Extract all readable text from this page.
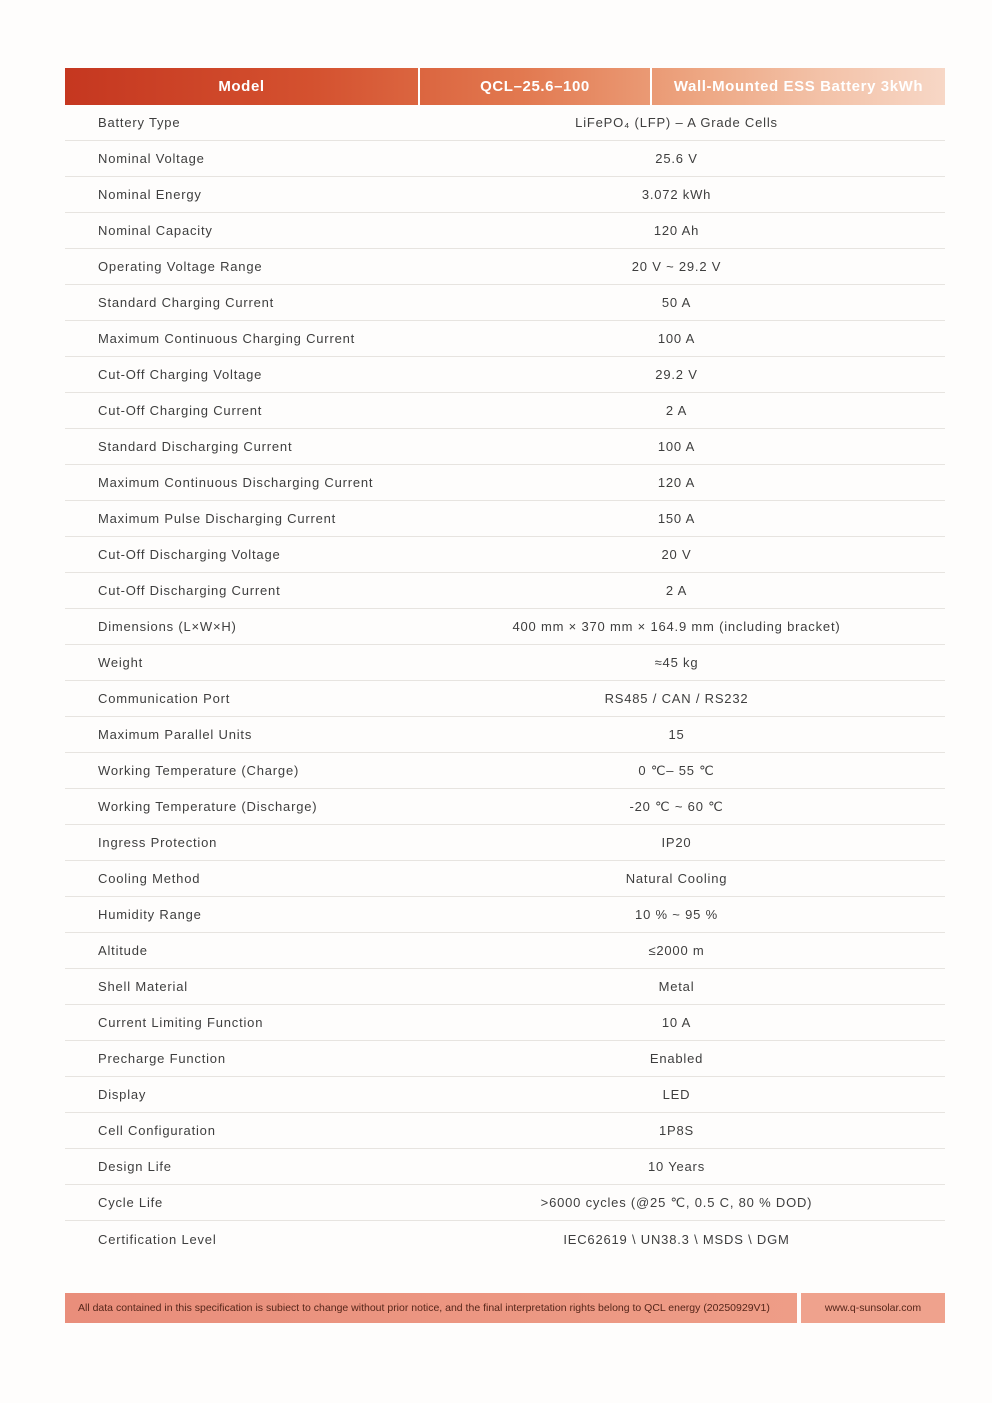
Model	QCL–25.6–100	Wall-Mounted ESS Battery 3kWh
Battery Type	LiFePO₄ (LFP) – A Grade Cells
Nominal Voltage	25.6 V
Nominal Energy	3.072 kWh
Nominal Capacity	120 Ah
Operating Voltage Range	20 V ~ 29.2 V
Standard Charging Current	50 A
Maximum Continuous Charging Current	100 A
Cut-Off Charging Voltage	29.2 V
Cut-Off Charging Current	2 A
Standard Discharging Current	100 A
Maximum Continuous Discharging Current	120 A
Maximum Pulse Discharging Current	150 A
Cut-Off Discharging Voltage	20 V
Cut-Off Discharging Current	2 A
Dimensions (L×W×H)	400 mm × 370 mm × 164.9 mm (including bracket)
Weight	≈45 kg
Communication Port	RS485 / CAN / RS232
Maximum Parallel Units	15
Working Temperature (Charge)	0 ℃– 55 ℃
Working Temperature (Discharge)	-20 ℃ ~ 60 ℃
Ingress Protection	IP20
Cooling Method	Natural Cooling
Humidity Range	10 % ~ 95 %
Altitude	≤2000 m
Shell Material	Metal
Current Limiting Function	10 A
Precharge Function	Enabled
Display	LED
Cell Configuration	1P8S
Design Life	10 Years
Cycle Life	>6000 cycles (@25 ℃, 0.5 C, 80 % DOD)
Certification Level	IEC62619 \ UN38.3 \ MSDS \ DGM
All data contained in this specification is subiect to change without prior notice, and the final interpretation rights belong to QCL energy (20250929V1)	www.q-sunsolar.com
